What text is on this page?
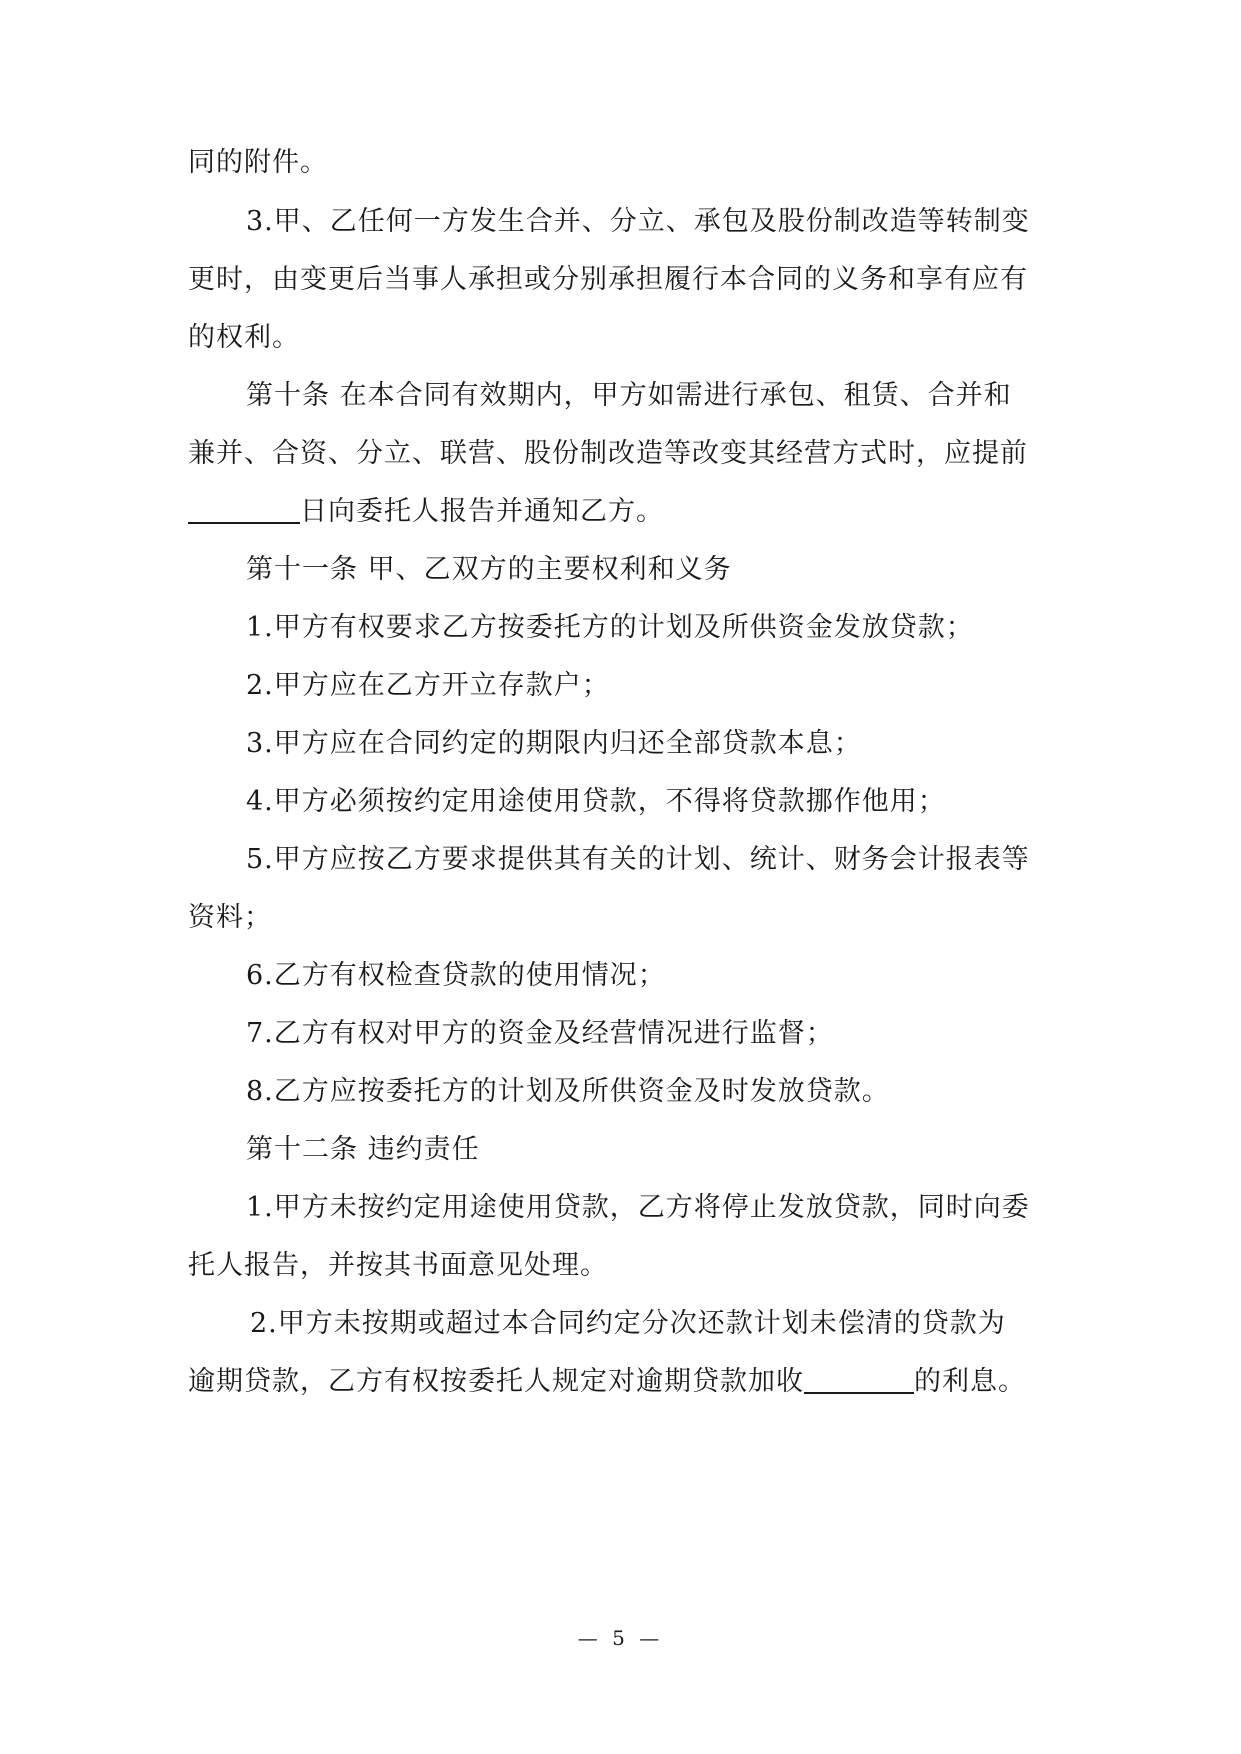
同的附件。
3.甲、乙任何一方发生合并、分立、承包及股份制改造等转制变
更时，由变更后当事人承担或分别承担履行本合同的义务和享有应有
的权利。
第十条 在本合同有效期内，甲方如需进行承包、租赁、合并和
兼并、合资、分立、联营、股份制改造等改变其经营方式时，应提前
日向委托人报告并通知乙方。
第十一条 甲、乙双方的主要权利和义务
1.甲方有权要求乙方按委托方的计划及所供资金发放贷款；
2.甲方应在乙方开立存款户；
3.甲方应在合同约定的期限内归还全部贷款本息；
4.甲方必须按约定用途使用贷款，不得将贷款挪作他用；
5.甲方应按乙方要求提供其有关的计划、统计、财务会计报表等
资料；
6.乙方有权检查贷款的使用情况；
7.乙方有权对甲方的资金及经营情况进行监督；
8.乙方应按委托方的计划及所供资金及时发放贷款。
第十二条 违约责任
1.甲方未按约定用途使用贷款，乙方将停止发放贷款，同时向委
托人报告，并按其书面意见处理。
2.甲方未按期或超过本合同约定分次还款计划未偿清的贷款为
逾期贷款，乙方有权按委托人规定对逾期贷款加收	的利息。
— 5 —
